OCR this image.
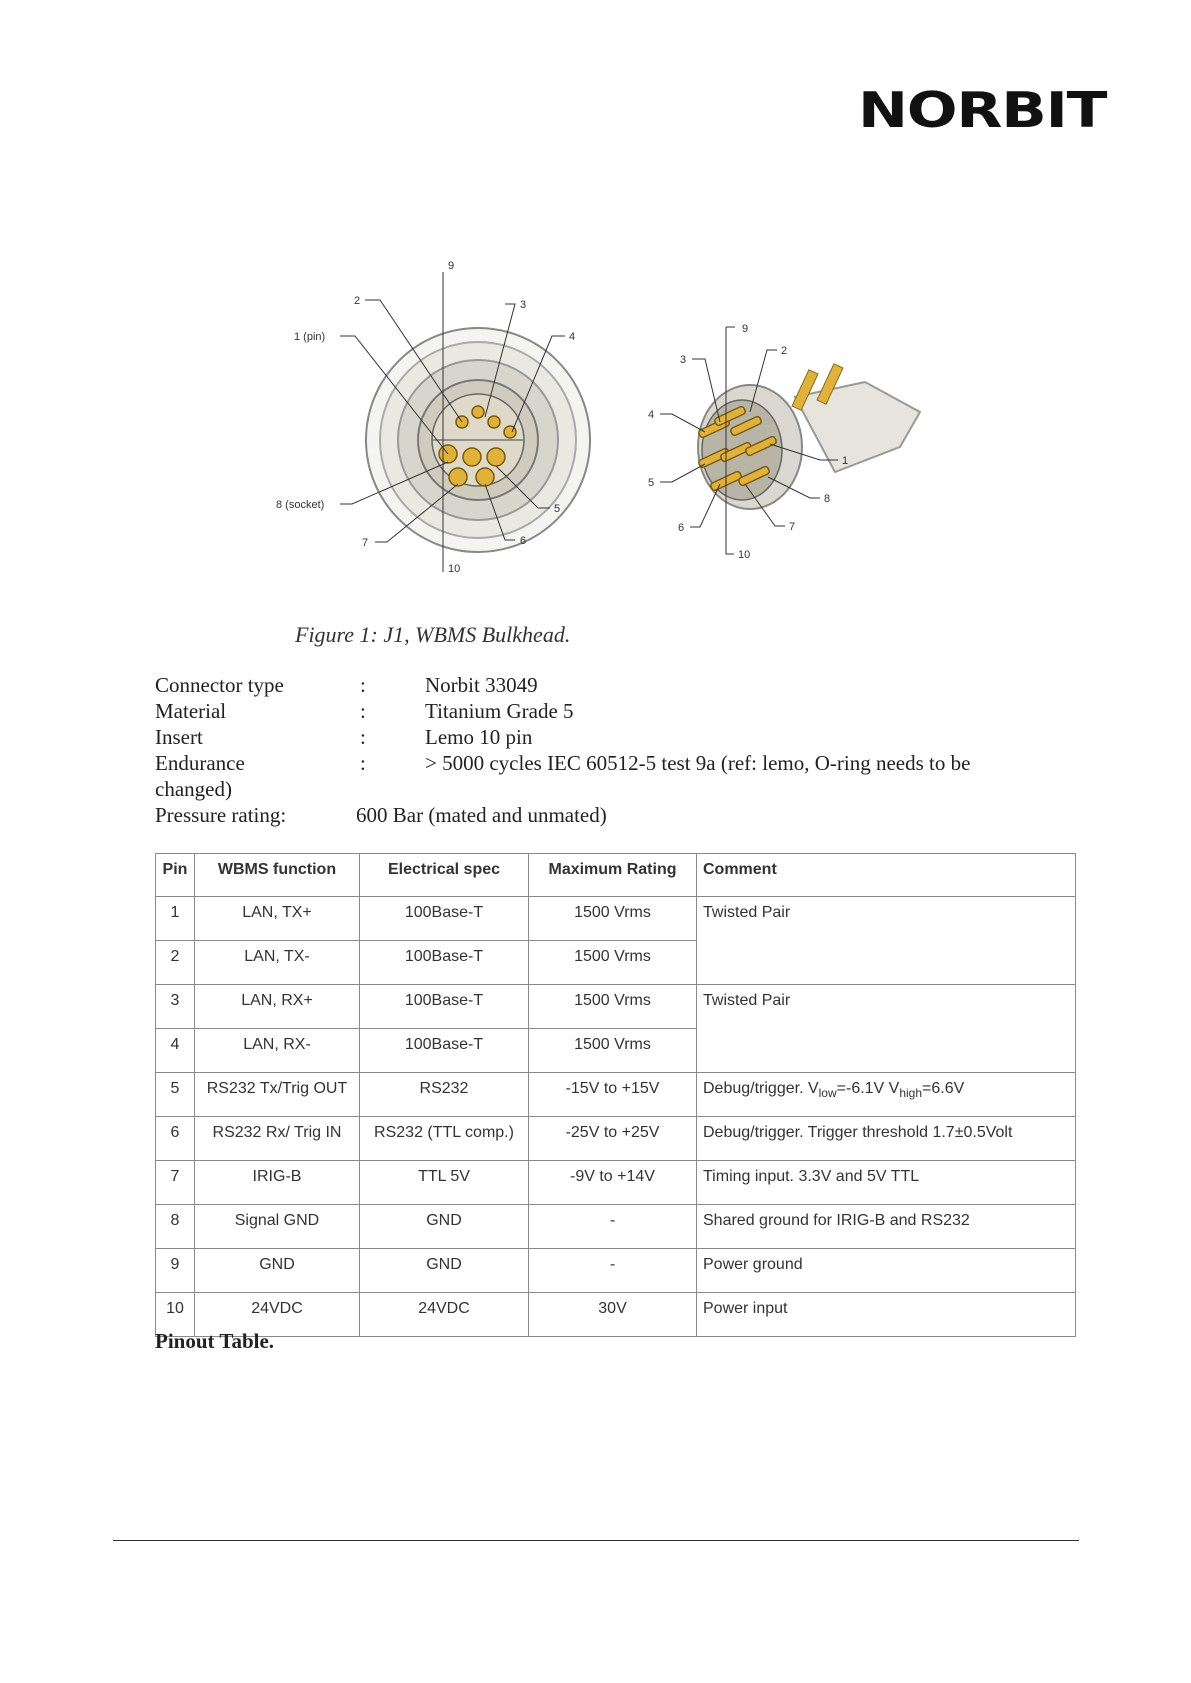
NORBIT
9
2	3
1 (pin)	4
8 (socket)	5
7	6
10
9
3
2
4
1
5
8
6	7
10
Figure 1: J1, WBMS Bulkhead.
Connector type	:	Norbit 33049
Material	:	Titanium Grade 5
Insert	:	Lemo 10 pin
Endurance	:	> 5000 cycles IEC 60512-5 test 9a (ref: lemo, O-ring needs to be
changed)
Pressure rating:	600 Bar (mated and unmated)
Pin	WBMS function	Electrical spec	Maximum Rating	Comment
1	LAN, TX+	100Base-T	1500 Vrms	Twisted Pair
2	LAN, TX-	100Base-T	1500 Vrms	
3	LAN, RX+	100Base-T	1500 Vrms	Twisted Pair
4	LAN, RX-	100Base-T	1500 Vrms	
5	RS232 Tx/Trig OUT	RS232	-15V to +15V	Debug/trigger. $V_{low}=-6.1V$ $V_{high}=6.6V$
6	RS232 Rx/ Trig IN	RS232 (TTL comp.)	-25V to +25V	Debug/trigger. Trigger threshold 1.7±0.5Volt
7	IRIG-B	TTL 5V	-9V to +14V	Timing input. 3.3V and 5V TTL
8	Signal GND	GND	-	Shared ground for IRIG-B and RS232
9	GND	GND	-	Power ground
10	24VDC	24VDC	30V	Power input
Pinout Table.
